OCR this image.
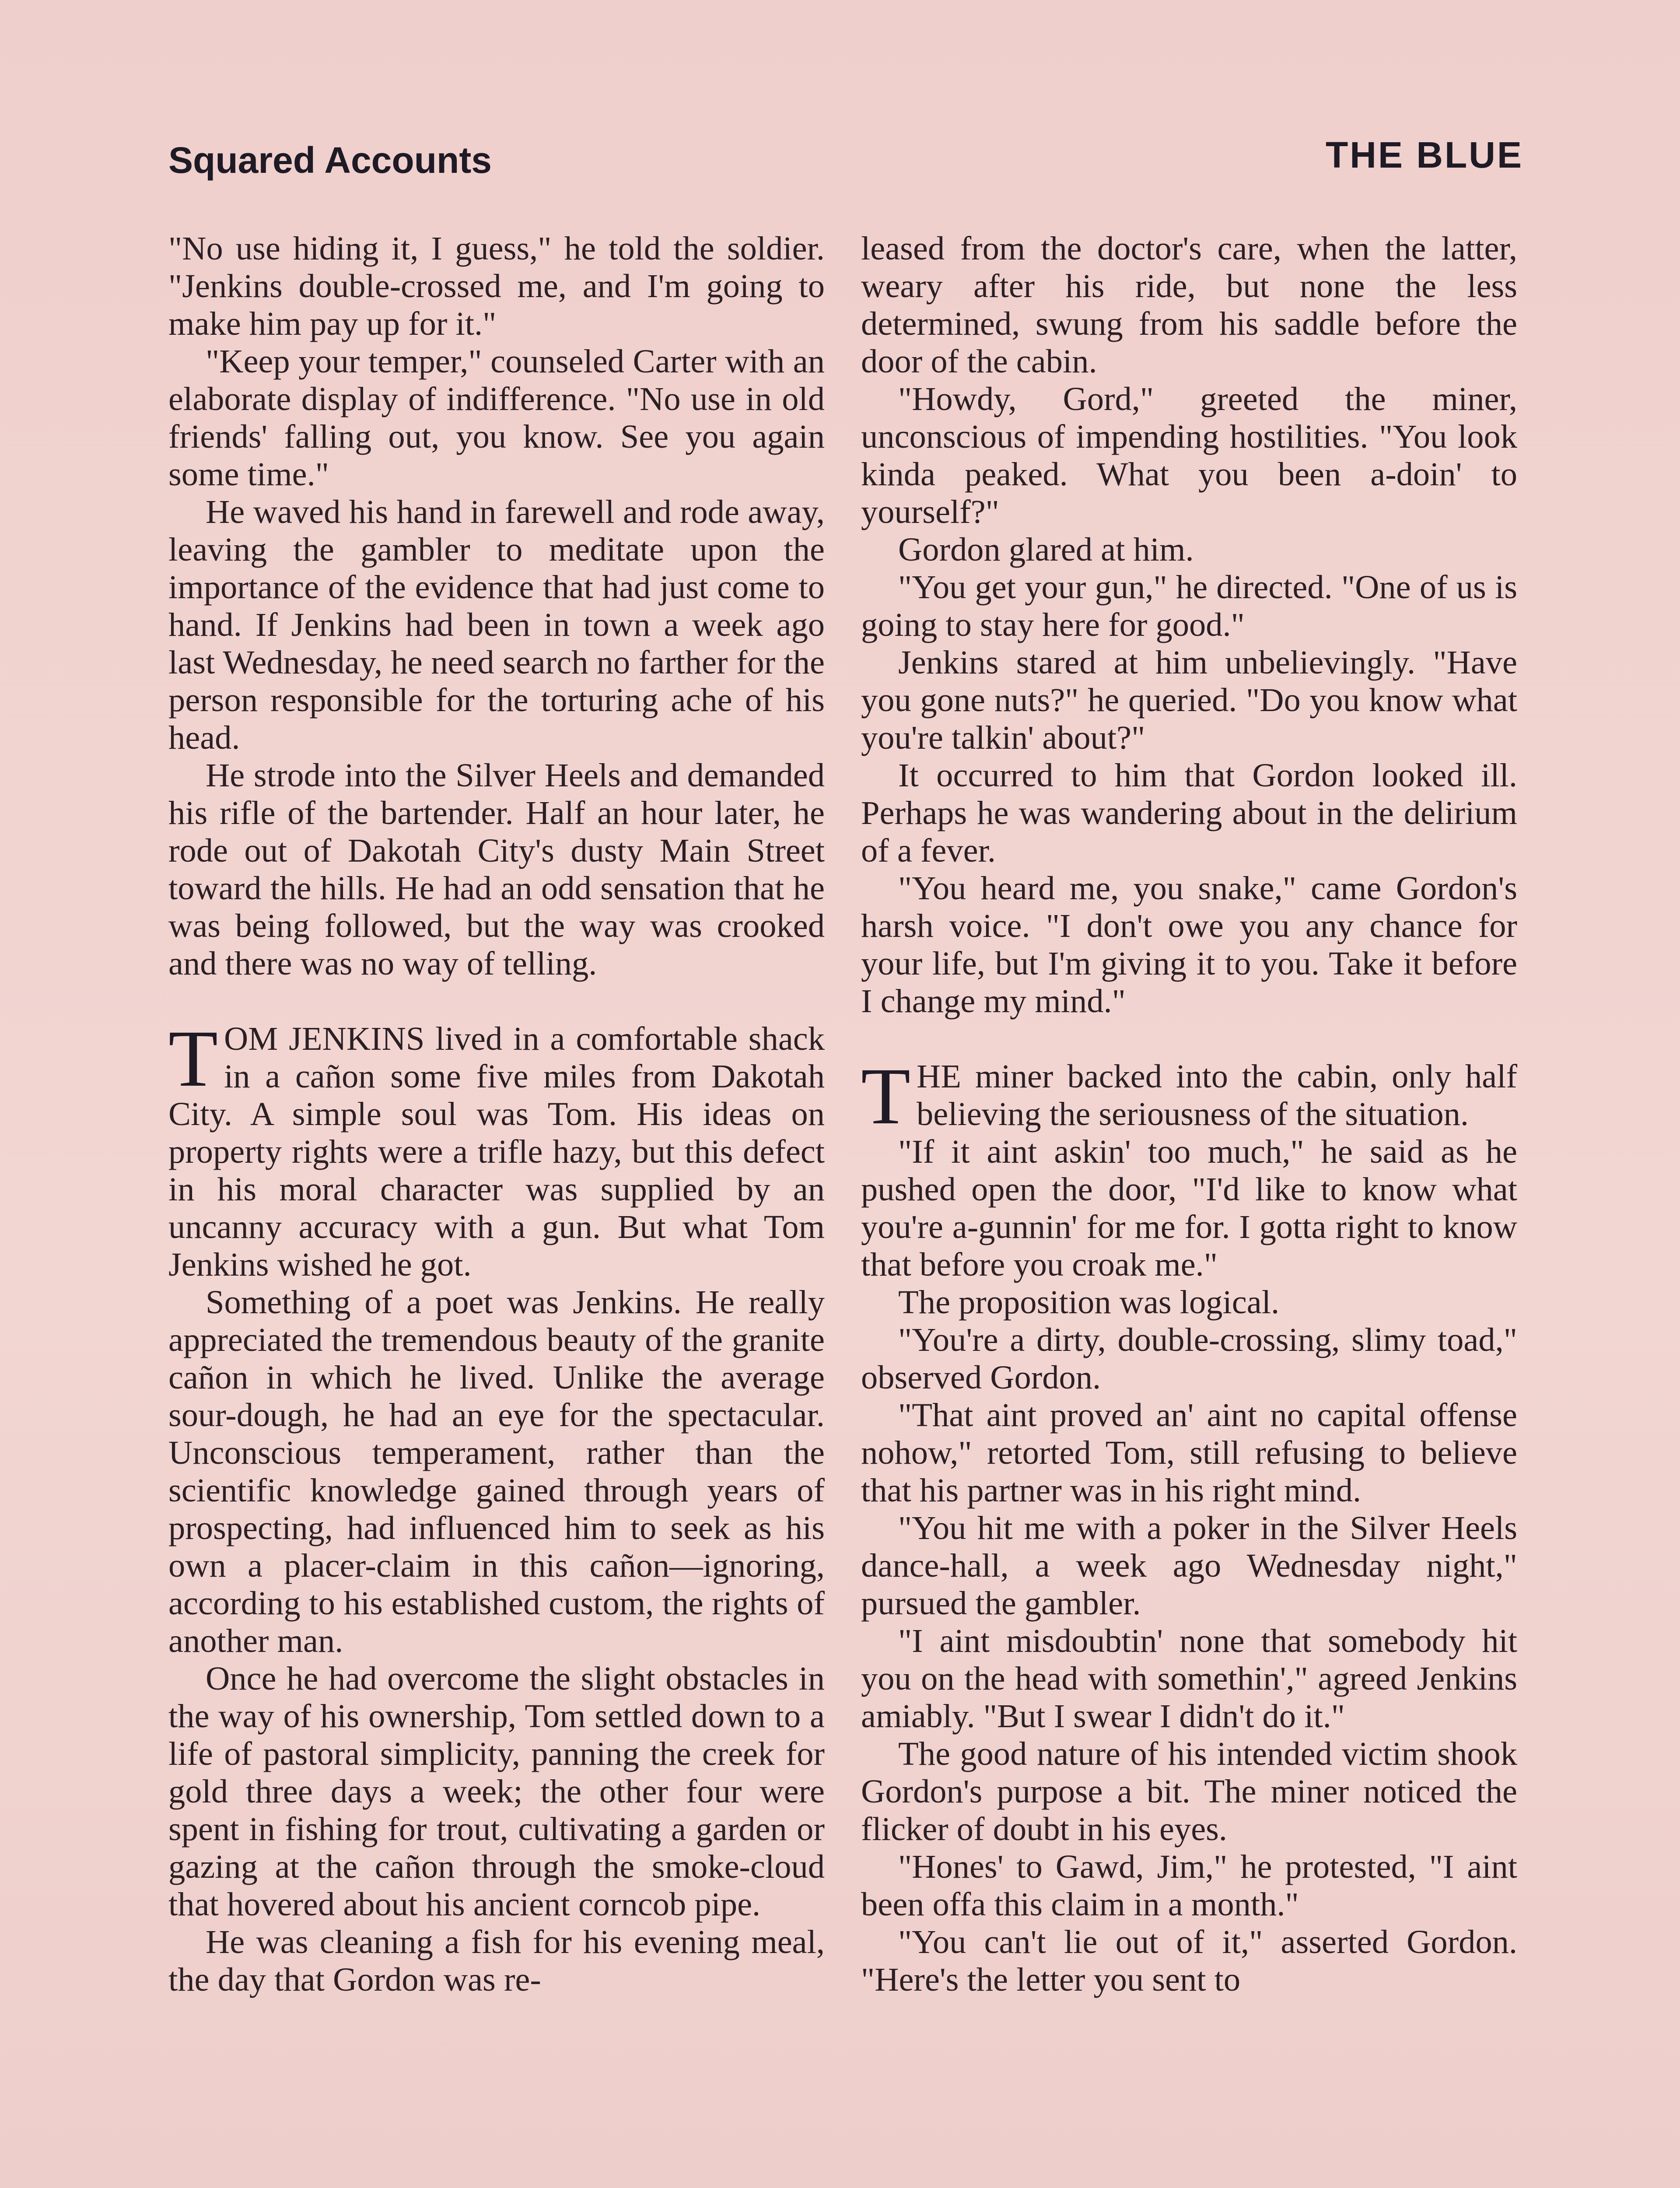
Squared Accounts	THE BLUE

"No use hiding it, I guess," he told the soldier. "Jenkins double-crossed me, and I'm going to make him pay up for it."

"Keep your temper," counseled Carter with an elaborate display of indifference. "No use in old friends' falling out, you know. See you again some time."

He waved his hand in farewell and rode away, leaving the gambler to meditate upon the importance of the evidence that had just come to hand. If Jenkins had been in town a week ago last Wednesday, he need search no farther for the person responsible for the torturing ache of his head.

He strode into the Silver Heels and demanded his rifle of the bartender. Half an hour later, he rode out of Dakotah City's dusty Main Street toward the hills. He had an odd sensation that he was being followed, but the way was crooked and there was no way of telling.

TOM JENKINS lived in a comfortable shack in a cañon some five miles from Dakotah City. A simple soul was Tom. His ideas on property rights were a trifle hazy, but this defect in his moral character was supplied by an uncanny accuracy with a gun. But what Tom Jenkins wished he got.

Something of a poet was Jenkins. He really appreciated the tremendous beauty of the granite cañon in which he lived. Unlike the average sour-dough, he had an eye for the spectacular. Unconscious temperament, rather than the scientific knowledge gained through years of prospecting, had influenced him to seek as his own a placer-claim in this cañon—ignoring, according to his established custom, the rights of another man.

Once he had overcome the slight obstacles in the way of his ownership, Tom settled down to a life of pastoral simplicity, panning the creek for gold three days a week; the other four were spent in fishing for trout, cultivating a garden or gazing at the cañon through the smoke-cloud that hovered about his ancient corncob pipe.

He was cleaning a fish for his evening meal, the day that Gordon was re-

leased from the doctor's care, when the latter, weary after his ride, but none the less determined, swung from his saddle before the door of the cabin.

"Howdy, Gord," greeted the miner, unconscious of impending hostilities. "You look kinda peaked. What you been a-doin' to yourself?"

Gordon glared at him.

"You get your gun," he directed. "One of us is going to stay here for good."

Jenkins stared at him unbelievingly. "Have you gone nuts?" he queried. "Do you know what you're talkin' about?"

It occurred to him that Gordon looked ill. Perhaps he was wandering about in the delirium of a fever.

"You heard me, you snake," came Gordon's harsh voice. "I don't owe you any chance for your life, but I'm giving it to you. Take it before I change my mind."

THE miner backed into the cabin, only half believing the seriousness of the situation.

"If it aint askin' too much," he said as he pushed open the door, "I'd like to know what you're a-gunnin' for me for. I gotta right to know that before you croak me."

The proposition was logical.

"You're a dirty, double-crossing, slimy toad," observed Gordon.

"That aint proved an' aint no capital offense nohow," retorted Tom, still refusing to believe that his partner was in his right mind.

"You hit me with a poker in the Silver Heels dance-hall, a week ago Wednesday night," pursued the gambler.

"I aint misdoubtin' none that somebody hit you on the head with somethin'," agreed Jenkins amiably. "But I swear I didn't do it."

The good nature of his intended victim shook Gordon's purpose a bit. The miner noticed the flicker of doubt in his eyes.

"Hones' to Gawd, Jim," he protested, "I aint been offa this claim in a month."

"You can't lie out of it," asserted Gordon. "Here's the letter you sent to
